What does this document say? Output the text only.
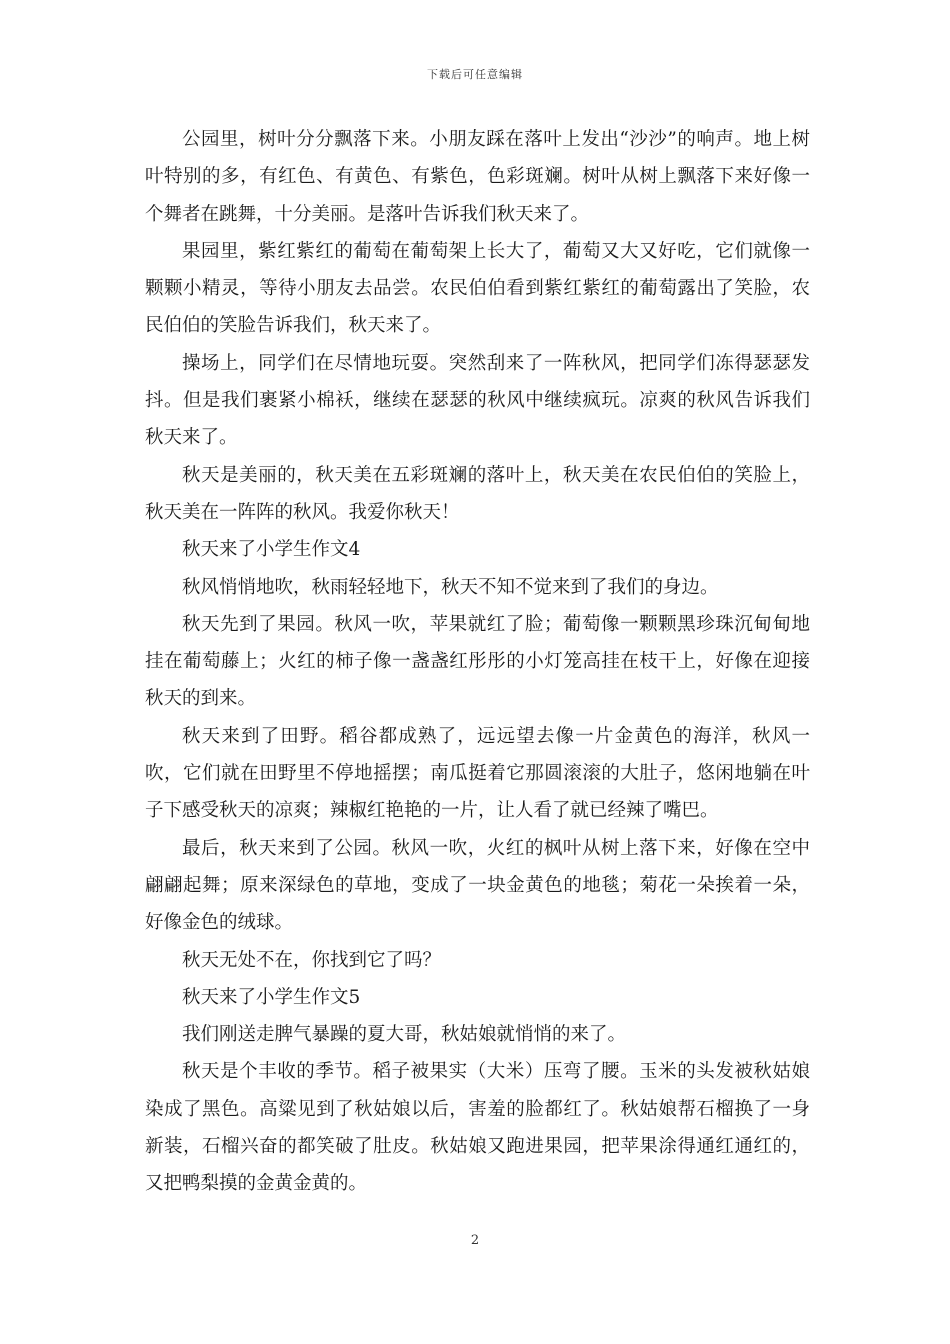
下载后可任意编辑

公园里，树叶分分飘落下来。小朋友踩在落叶上发出“沙沙”的响声。地上树叶特别的多，有红色、有黄色、有紫色，色彩斑斓。树叶从树上飘落下来好像一个舞者在跳舞，十分美丽。是落叶告诉我们秋天来了。

果园里，紫红紫红的葡萄在葡萄架上长大了，葡萄又大又好吃，它们就像一颗颗小精灵，等待小朋友去品尝。农民伯伯看到紫红紫红的葡萄露出了笑脸，农民伯伯的笑脸告诉我们，秋天来了。

操场上，同学们在尽情地玩耍。突然刮来了一阵秋风，把同学们冻得瑟瑟发抖。但是我们裹紧小棉袄，继续在瑟瑟的秋风中继续疯玩。凉爽的秋风告诉我们秋天来了。

秋天是美丽的，秋天美在五彩斑斓的落叶上，秋天美在农民伯伯的笑脸上，秋天美在一阵阵的秋风。我爱你秋天！

秋天来了小学生作文4

秋风悄悄地吹，秋雨轻轻地下，秋天不知不觉来到了我们的身边。

秋天先到了果园。秋风一吹，苹果就红了脸；葡萄像一颗颗黑珍珠沉甸甸地挂在葡萄藤上；火红的柿子像一盏盏红彤彤的小灯笼高挂在枝干上，好像在迎接秋天的到来。

秋天来到了田野。稻谷都成熟了，远远望去像一片金黄色的海洋，秋风一吹，它们就在田野里不停地摇摆；南瓜挺着它那圆滚滚的大肚子，悠闲地躺在叶子下感受秋天的凉爽；辣椒红艳艳的一片，让人看了就已经辣了嘴巴。

最后，秋天来到了公园。秋风一吹，火红的枫叶从树上落下来，好像在空中翩翩起舞；原来深绿色的草地，变成了一块金黄色的地毯；菊花一朵挨着一朵，好像金色的绒球。

秋天无处不在，你找到它了吗？

秋天来了小学生作文5

我们刚送走脾气暴躁的夏大哥，秋姑娘就悄悄的来了。

秋天是个丰收的季节。稻子被果实（大米）压弯了腰。玉米的头发被秋姑娘染成了黑色。高粱见到了秋姑娘以后，害羞的脸都红了。秋姑娘帮石榴换了一身新装，石榴兴奋的都笑破了肚皮。秋姑娘又跑进果园，把苹果涂得通红通红的，又把鸭梨摸的金黄金黄的。

2
